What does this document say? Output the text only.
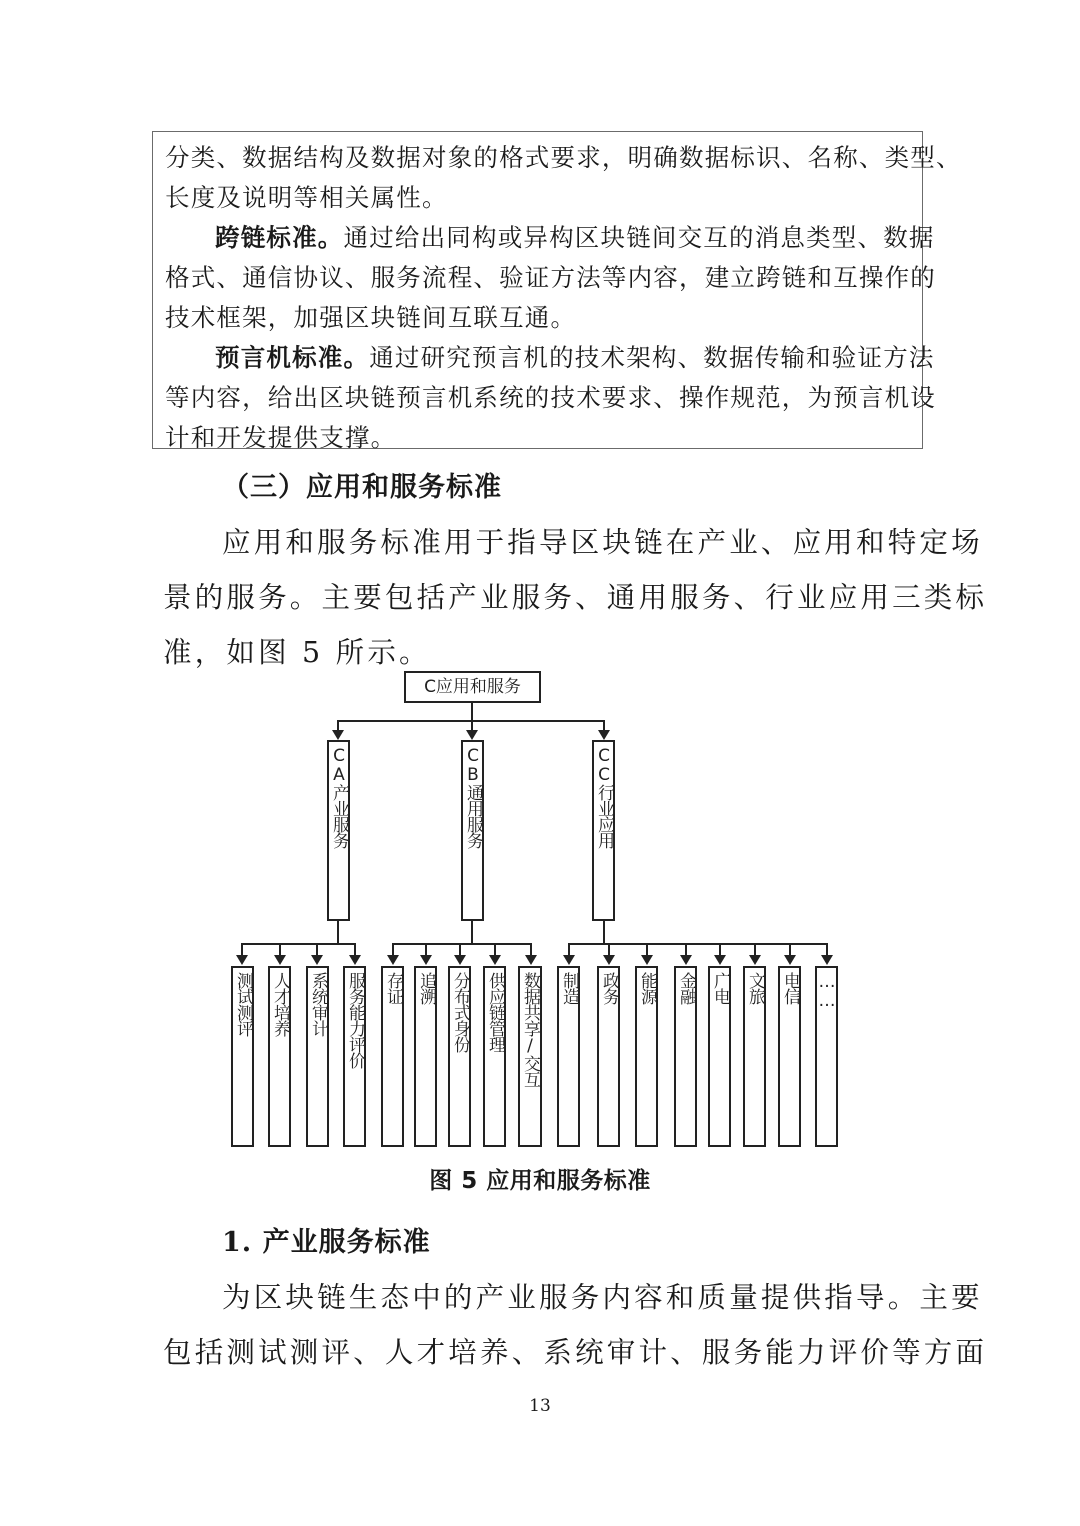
分类、数据结构及数据对象的格式要求，明确数据标识、名称、类型、
长度及说明等相关属性。
跨链标准。通过给出同构或异构区块链间交互的消息类型、数据
格式、通信协议、服务流程、验证方法等内容，建立跨链和互操作的
技术框架，加强区块链间互联互通。
预言机标准。通过研究预言机的技术架构、数据传输和验证方法
等内容，给出区块链预言机系统的技术要求、操作规范，为预言机设
计和开发提供支撑。
（三）应用和服务标准
应用和服务标准用于指导区块链在产业、应用和特定场
景的服务。主要包括产业服务、通用服务、行业应用三类标
准，如图 5 所示。
C应用和服务
CA产业服务	CB通用服务	CC行业应用
测试测评 人才培养 系统审计 服务能力评价 存证 追溯 分布式身份 供应链管理 数据共享/交互 制造 政务 能源 金融 广电 文旅 电信 ……
图 5 应用和服务标准
1. 产业服务标准
为区块链生态中的产业服务内容和质量提供指导。主要
包括测试测评、人才培养、系统审计、服务能力评价等方面
13
